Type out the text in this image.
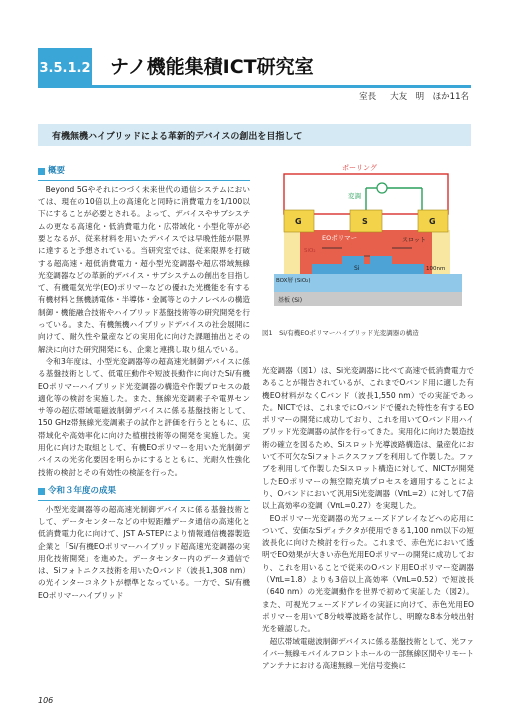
3.5.1.2 ナノ機能集積ICT研究室
室長 大友　明　ほか11名
有機無機ハイブリッドによる革新的デバイスの創出を目指して
概要

Beyond 5Gやそれにつづく未来世代の通信システムにおいては、現在の10倍以上の高速化と同時に消費電力を1/100以下にすることが必要とされる。よって、デバイスやサブシステムの更なる高速化・低消費電力化・広帯域化・小型化等が必要となるが、従来材料を用いたデバイスでは早晩性能が限界に達すると予想されている。当研究室では、従来限界を打破する超高速・超低消費電力・超小型光変調器や超広帯域無線光変調器などの革新的デバイス・サブシステムの創出を目指して、有機電気光学(EO)ポリマーなどの優れた光機能を有する有機材料と無機誘電体・半導体・金属等とのナノレベルの構造制御・機能融合技術やハイブリッド基盤技術等の研究開発を行っている。また、有機無機ハイブリッドデバイスの社会展開に向けて、耐久性や量産などの実用化に向けた課題抽出とその解決に向けた研究開発にも、企業と連携し取り組んでいる。

令和3年度は、小型光変調器等の超高速光制御デバイスに係る基盤技術として、低電圧動作や短波長動作に向けたSi/有機EOポリマーハイブリッド光変調器の構造や作製プロセスの最適化等の検討を実施した。また、無線光変調素子や電界センサ等の超広帯域電磁波制御デバイスに係る基盤技術として、150 GHz帯無線光変調素子の試作と評価を行うとともに、広帯域化や高効率化に向けた植樹技術等の開発を実施した。実用化に向けた取組として、有機EOポリマーを用いた光制御デバイスの光劣化要因を明らかにするとともに、光耐久性強化技術の検討とその有効性の検証を行った。

令和３年度の成果

小型光変調器等の超高速光制御デバイスに係る基盤技術として、データセンターなどの中短距離データ通信の高速化と低消費電力化に向けて、JST A-STEPにより情報通信機器製造企業と「Si/有機EOポリマーハイブリッド超高速光変調器の実用化技術開発」を進めた。データセンター内のデータ通信では、Siフォトニクス技術を用いたOバンド（波長1,308 nm）の光インターコネクトが標準となっている。一方で、Si/有機EOポリマーハイブリッド

ポーリング
変調
基板 (Si)
BOX層 (SiO₂)
EOポリマー
G	S	G
Si
スロット
100nm
図1　Si/有機EOポリマーハイブリッド光変調器の構造

光変調器（図1）は、Si光変調器に比べて高速で低消費電力であることが報告されているが、これまでOバンド用に適した有機EO材料がなくCバンド（波長1,550 nm）での実証であった。NICTでは、これまでにOバンドで優れた特性を有するEOポリマーの開発に成功しており、これを用いてOバンド用ハイブリッド光変調器の試作を行ってきた。実用化に向けた製造技術の確立を図るため、Siスロット光導波路構造は、量産化において不可欠なSiフォトニクスファブを利用して作製した。ファブを利用して作製したSiスロット構造に対して、NICTが開発したEOポリマーの無空隙充填プロセスを適用することにより、Oバンドにおいて汎用Si光変調器（VπL=2）に対して7倍以上高効率の変調（VπL=0.27）を実現した。

EOポリマー光変調器の光フェーズドアレイなどへの応用について、安価なSiディテクタが使用できる1,100 nm以下の短波長化に向けた検討を行った。これまで、赤色光において透明でEO効果が大きい赤色光用EOポリマーの開発に成功しており、これを用いることで従来のOバンド用EOポリマー変調器（VπL=1.8）よりも3倍以上高効率（VπL=0.52）で短波長（640 nm）の光変調動作を世界で初めて実証した（図2）。また、可視光フェーズドアレイの実証に向けて、赤色光用EOポリマーを用いて8分岐導波路を試作し、明瞭な8本分岐出射光を確認した。

超広帯域電磁波制御デバイスに係る基盤技術として、光ファイバー無線モバイルフロントホールの一部無線区間やリモートアンテナにおける高速無線－光信号変換に

106
